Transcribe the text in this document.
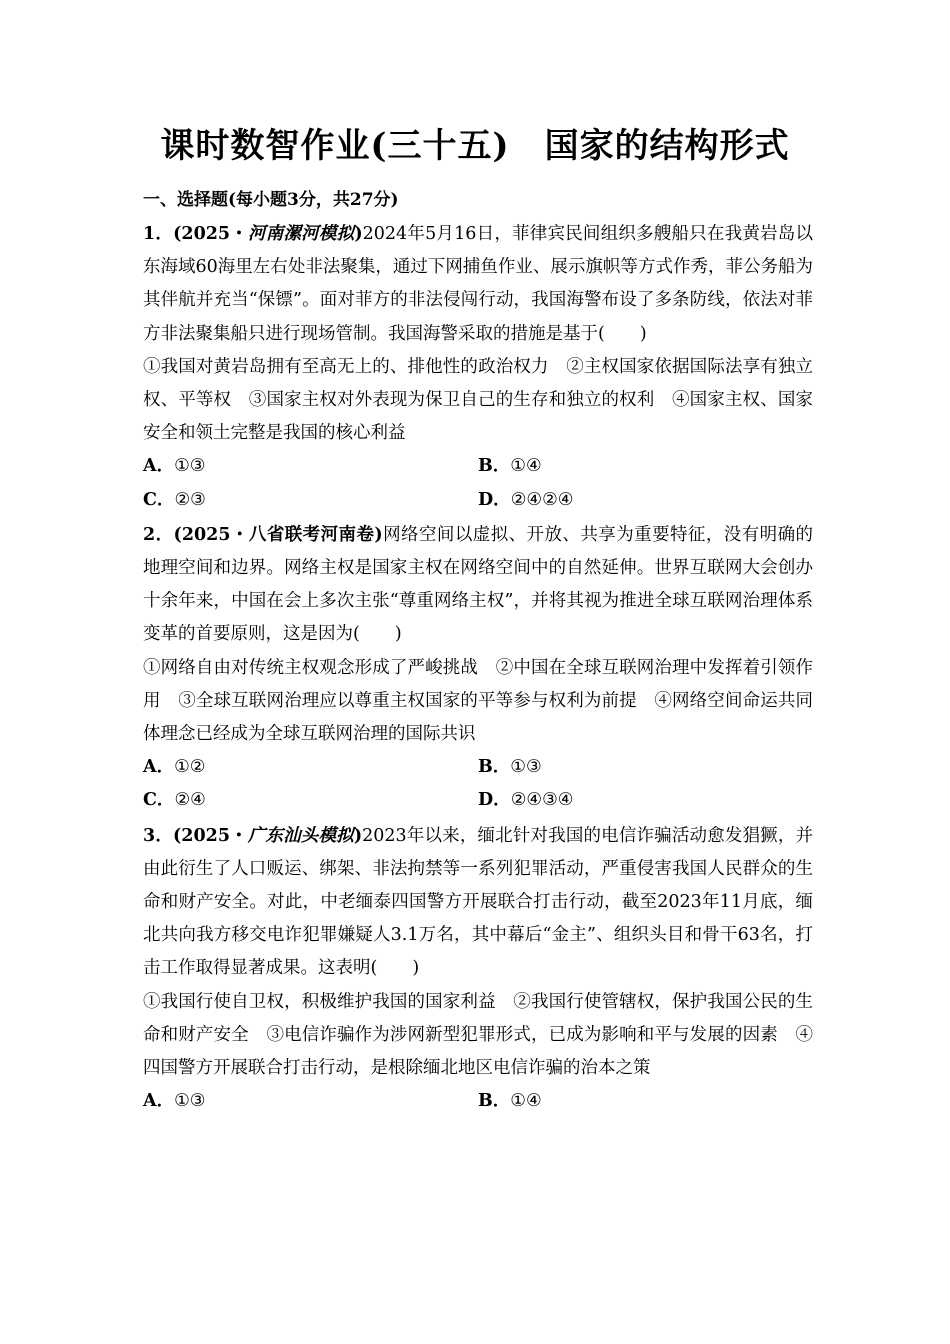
课时数智作业(三十五)　国家的结构形式
一、选择题(每小题3分，共27分)

1．(2025・河南漯河模拟)2024年5月16日，菲律宾民间组织多艘船只在我黄岩岛以东海域60海里左右处非法聚集，通过下网捕鱼作业、展示旗帜等方式作秀，菲公务船为其伴航并充当“保镖”。面对菲方的非法侵闯行动，我国海警布设了多条防线，依法对菲方非法聚集船只进行现场管制。我国海警采取的措施是基于(　　)

①我国对黄岩岛拥有至高无上的、排他性的政治权力　②主权国家依据国际法享有独立权、平等权　③国家主权对外表现为保卫自己的生存和独立的权利　④国家主权、国家安全和领土完整是我国的核心利益

A．①③	B．①④
C．②③	D．②④②④

2．(2025・八省联考河南卷)网络空间以虚拟、开放、共享为重要特征，没有明确的地理空间和边界。网络主权是国家主权在网络空间中的自然延伸。世界互联网大会创办十余年来，中国在会上多次主张“尊重网络主权”，并将其视为推进全球互联网治理体系变革的首要原则，这是因为(　　)

①网络自由对传统主权观念形成了严峻挑战　②中国在全球互联网治理中发挥着引领作用　③全球互联网治理应以尊重主权国家的平等参与权利为前提　④网络空间命运共同体理念已经成为全球互联网治理的国际共识

A．①②	B．①③
C．②④	D．②④③④

3．(2025・广东汕头模拟)2023年以来，缅北针对我国的电信诈骗活动愈发猖獗，并由此衍生了人口贩运、绑架、非法拘禁等一系列犯罪活动，严重侵害我国人民群众的生命和财产安全。对此，中老缅泰四国警方开展联合打击行动，截至2023年11月底，缅北共向我方移交电诈犯罪嫌疑人3.1万名，其中幕后“金主”、组织头目和骨干63名，打击工作取得显著成果。这表明(　　)

①我国行使自卫权，积极维护我国的国家利益　②我国行使管辖权，保护我国公民的生命和财产安全　③电信诈骗作为涉网新型犯罪形式，已成为影响和平与发展的因素　④四国警方开展联合打击行动，是根除缅北地区电信诈骗的治本之策

A．①③	B．①④
